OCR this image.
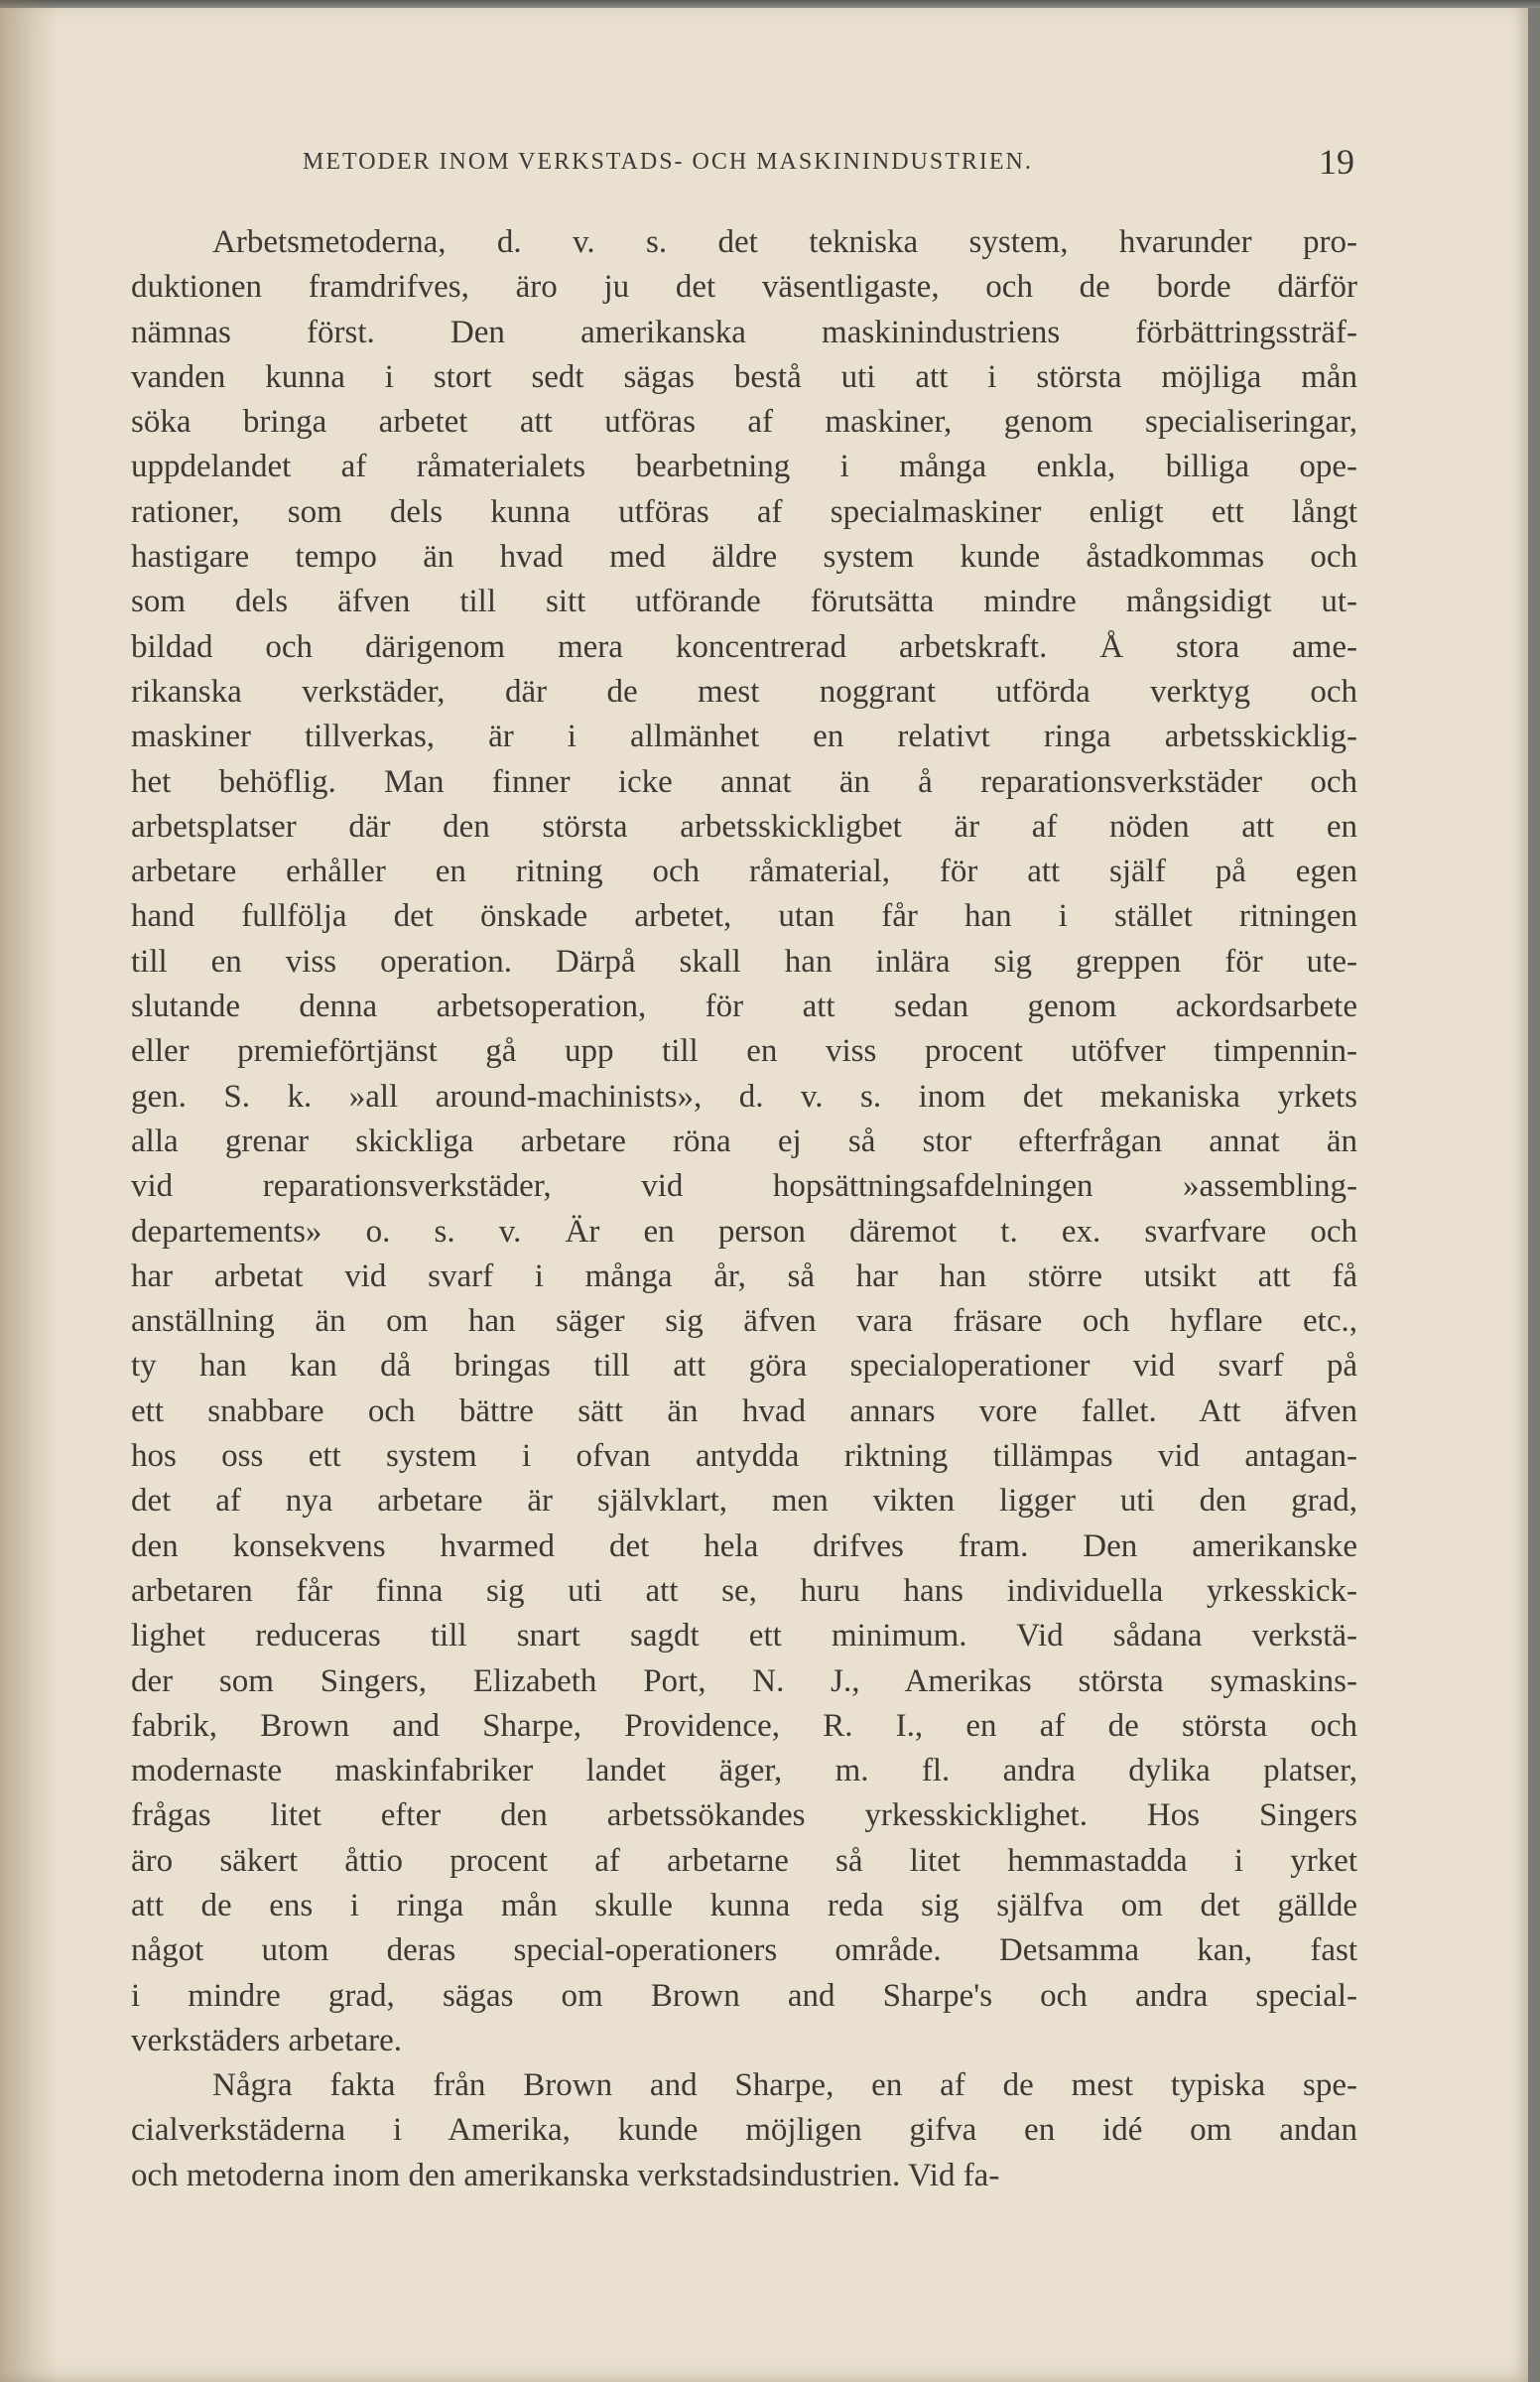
METODER INOM VERKSTADS- OCH MASKININDUSTRIEN.	19
Arbetsmetoderna, d. v. s. det tekniska system, hvarunder pro-
duktionen framdrifves, äro ju det väsentligaste, och de borde därför
nämnas först. Den amerikanska maskinindustriens förbättringssträf-
vanden kunna i stort sedt sägas bestå uti att i största möjliga mån
söka bringa arbetet att utföras af maskiner, genom specialiseringar,
uppdelandet af råmaterialets bearbetning i många enkla, billiga ope-
rationer, som dels kunna utföras af specialmaskiner enligt ett långt
hastigare tempo än hvad med äldre system kunde åstadkommas och
som dels äfven till sitt utförande förutsätta mindre mångsidigt ut-
bildad och därigenom mera koncentrerad arbetskraft. Å stora ame-
rikanska verkstäder, där de mest noggrant utförda verktyg och
maskiner tillverkas, är i allmänhet en relativt ringa arbetsskicklig-
het behöflig. Man finner icke annat än å reparationsverkstäder och
arbetsplatser där den största arbetsskickligbet är af nöden att en
arbetare erhåller en ritning och råmaterial, för att själf på egen
hand fullfölja det önskade arbetet, utan får han i stället ritningen
till en viss operation. Därpå skall han inlära sig greppen för ute-
slutande denna arbetsoperation, för att sedan genom ackordsarbete
eller premieförtjänst gå upp till en viss procent utöfver timpennin-
gen. S. k. »all around-machinists», d. v. s. inom det mekaniska yrkets
alla grenar skickliga arbetare röna ej så stor efterfrågan annat än
vid reparationsverkstäder, vid hopsättningsafdelningen »assembling-
departements» o. s. v. Är en person däremot t. ex. svarfvare och
har arbetat vid svarf i många år, så har han större utsikt att få
anställning än om han säger sig äfven vara fräsare och hyflare etc.,
ty han kan då bringas till att göra specialoperationer vid svarf på
ett snabbare och bättre sätt än hvad annars vore fallet. Att äfven
hos oss ett system i ofvan antydda riktning tillämpas vid antagan-
det af nya arbetare är självklart, men vikten ligger uti den grad,
den konsekvens hvarmed det hela drifves fram. Den amerikanske
arbetaren får finna sig uti att se, huru hans individuella yrkesskick-
lighet reduceras till snart sagdt ett minimum. Vid sådana verkstä-
der som Singers, Elizabeth Port, N. J., Amerikas största symaskins-
fabrik, Brown and Sharpe, Providence, R. I., en af de största och
modernaste maskinfabriker landet äger, m. fl. andra dylika platser,
frågas litet efter den arbetssökandes yrkesskicklighet. Hos Singers
äro säkert åttio procent af arbetarne så litet hemmastadda i yrket
att de ens i ringa mån skulle kunna reda sig själfva om det gällde
något utom deras special-operationers område. Detsamma kan, fast
i mindre grad, sägas om Brown and Sharpe's och andra special-
verkstäders arbetare.
Några fakta från Brown and Sharpe, en af de mest typiska spe-
cialverkstäderna i Amerika, kunde möjligen gifva en idé om andan
och metoderna inom den amerikanska verkstadsindustrien. Vid fa-
